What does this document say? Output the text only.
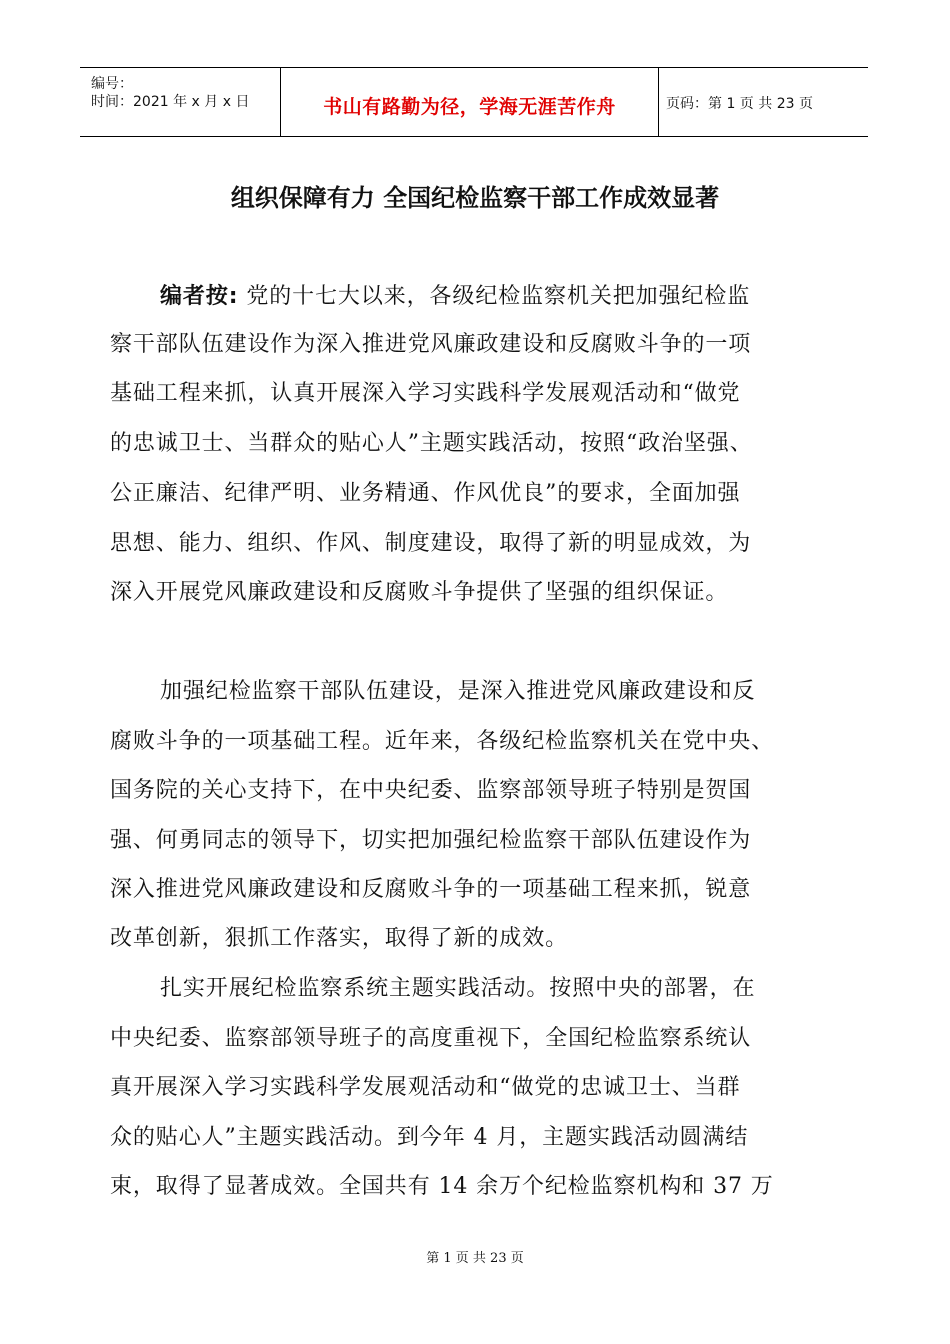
编号：
时间：2021 年 x 月 x 日	书山有路勤为径，学海无涯苦作舟	页码：第 1 页 共 23 页
组织保障有力 全国纪检监察干部工作成效显著
编者按: 党的十七大以来，各级纪检监察机关把加强纪检监
察干部队伍建设作为深入推进党风廉政建设和反腐败斗争的一项
基础工程来抓，认真开展深入学习实践科学发展观活动和“做党
的忠诚卫士、当群众的贴心人”主题实践活动，按照“政治坚强、
公正廉洁、纪律严明、业务精通、作风优良”的要求，全面加强
思想、能力、组织、作风、制度建设，取得了新的明显成效，为
深入开展党风廉政建设和反腐败斗争提供了坚强的组织保证。
加强纪检监察干部队伍建设，是深入推进党风廉政建设和反
腐败斗争的一项基础工程。近年来，各级纪检监察机关在党中央、
国务院的关心支持下，在中央纪委、监察部领导班子特别是贺国
强、何勇同志的领导下，切实把加强纪检监察干部队伍建设作为
深入推进党风廉政建设和反腐败斗争的一项基础工程来抓，锐意
改革创新，狠抓工作落实，取得了新的成效。
扎实开展纪检监察系统主题实践活动。按照中央的部署，在
中央纪委、监察部领导班子的高度重视下，全国纪检监察系统认
真开展深入学习实践科学发展观活动和“做党的忠诚卫士、当群
众的贴心人”主题实践活动。到今年 4 月，主题实践活动圆满结
束，取得了显著成效。全国共有 14 余万个纪检监察机构和 37 万
第 1 页 共 23 页
